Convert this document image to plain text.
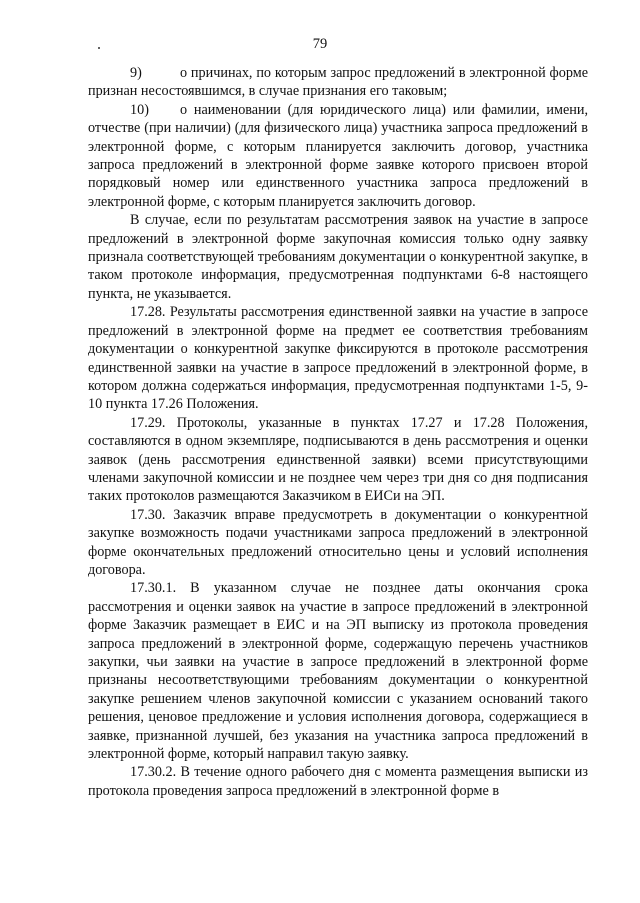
79

9)	о причинах, по которым запрос предложений в электронной форме признан несостоявшимся, в случае признания его таковым;

10) о наименовании (для юридического лица) или фамилии, имени, отчестве (при наличии) (для физического лица) участника запроса предложений в электронной форме, с которым планируется заключить договор, участника запроса предложений в электронной форме заявке которого присвоен второй порядковый номер или единственного участника запроса предложений в электронной форме, с которым планируется заключить договор.

В случае, если по результатам рассмотрения заявок на участие в запросе предложений в электронной форме закупочная комиссия только одну заявку признала соответствующей требованиям документации о конкурентной закупке, в таком протоколе информация, предусмотренная подпунктами 6-8 настоящего пункта, не указывается.

17.28. Результаты рассмотрения единственной заявки на участие в запросе предложений в электронной форме на предмет ее соответствия требованиям документации о конкурентной закупке фиксируются в протоколе рассмотрения единственной заявки на участие в запросе предложений в электронной форме, в котором должна содержаться информация, предусмотренная подпунктами 1-5, 9-10 пункта 17.26 Положения.

17.29. Протоколы, указанные в пунктах 17.27 и 17.28 Положения, составляются в одном экземпляре, подписываются в день рассмотрения и оценки заявок (день рассмотрения единственной заявки) всеми присутствующими членами закупочной комиссии и не позднее чем через три дня со дня подписания таких протоколов размещаются Заказчиком в ЕИСи на ЭП.

17.30. Заказчик вправе предусмотреть в документации о конкурентной закупке возможность подачи участниками запроса предложений в электронной форме окончательных предложений относительно цены и условий исполнения договора.

17.30.1. В указанном случае не позднее даты окончания срока рассмотрения и оценки заявок на участие в запросе предложений в электронной форме Заказчик размещает в ЕИС и на ЭП выписку из протокола проведения запроса предложений в электронной форме, содержащую перечень участников закупки, чьи заявки на участие в запросе предложений в электронной форме признаны несоответствующими требованиям документации о конкурентной закупке решением членов закупочной комиссии с указанием оснований такого решения, ценовое предложение и условия исполнения договора, содержащиеся в заявке, признанной лучшей, без указания на участника запроса предложений в электронной форме, который направил такую заявку.

17.30.2. В течение одного рабочего дня с момента размещения выписки из протокола проведения запроса предложений в электронной форме в
